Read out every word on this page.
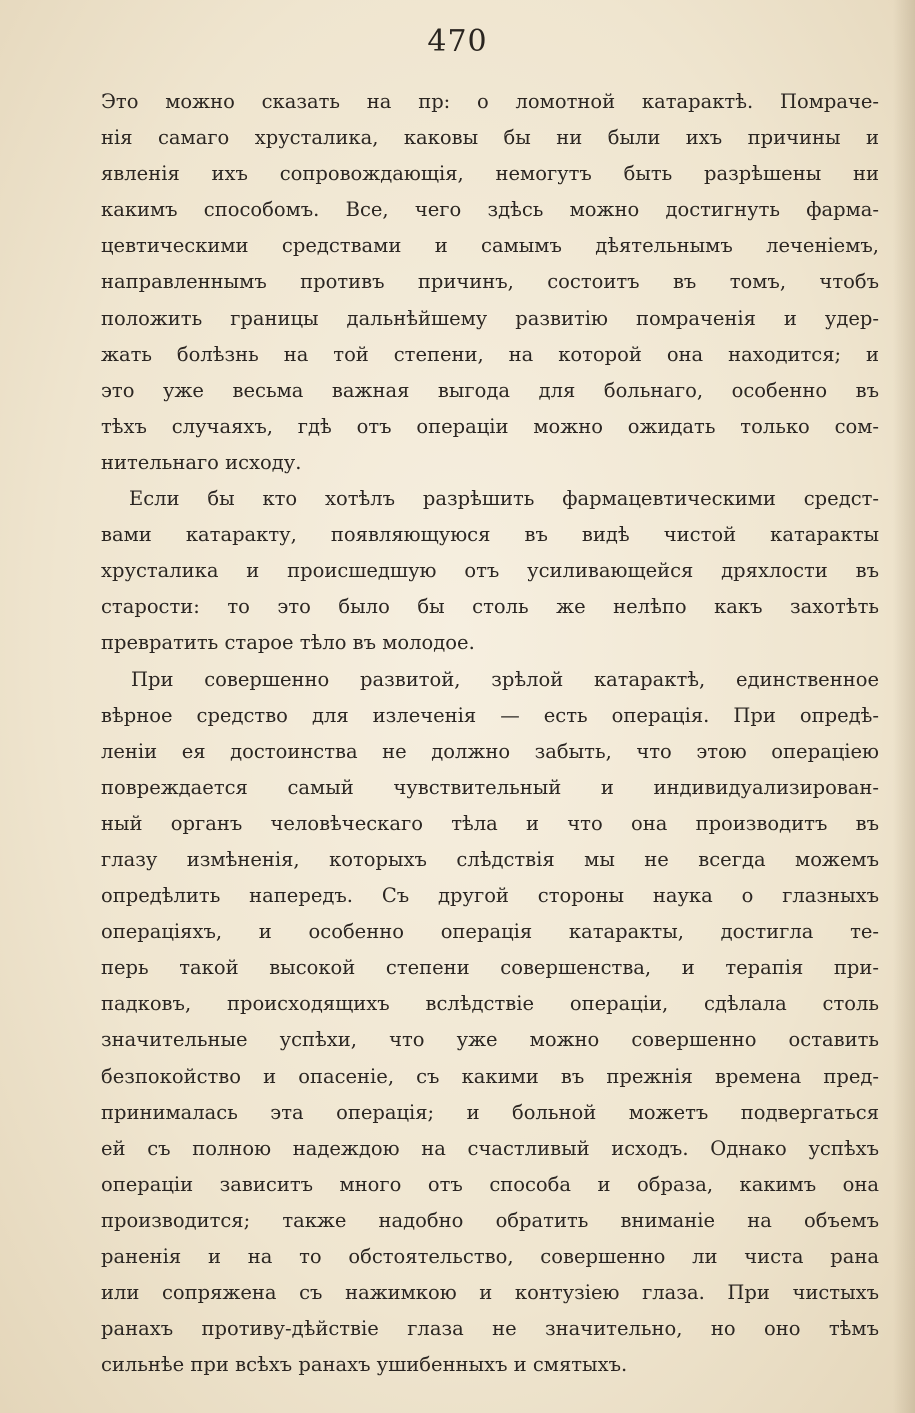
470
Это можно сказать на пр: о ломотной катарактѣ. Помраче-
нія самаго хрусталика, каковы бы ни были ихъ причины и
явленія ихъ сопровождающія, немогутъ быть разрѣшены ни
какимъ способомъ. Все, чего здѣсь можно достигнуть фарма-
цевтическими средствами и самымъ дѣятельнымъ леченіемъ,
направленнымъ противъ причинъ, состоитъ въ томъ, чтобъ
положить границы дальнѣйшему развитію помраченія и удер-
жать болѣзнь на той степени, на которой она находится; и
это уже весьма важная выгода для больнаго, особенно въ
тѣхъ случаяхъ, гдѣ отъ операціи можно ожидать только сом-
нительнаго исходу.
Если бы кто хотѣлъ разрѣшить фармацевтическими средст-
вами катаракту, появляющуюся въ видѣ чистой катаракты
хрусталика и происшедшую отъ усиливающейся дряхлости въ
старости: то это было бы столь же нелѣпо какъ захотѣть
превратить старое тѣло въ молодое.
При совершенно развитой, зрѣлой катарактѣ, единственное
вѣрное средство для излеченія — есть операція. При опредѣ-
леніи ея достоинства не должно забыть, что этою операціею
повреждается самый чувствительный и индивидуализирован-
ный органъ человѣческаго тѣла и что она производитъ въ
глазу измѣненія, которыхъ слѣдствія мы не всегда можемъ
опредѣлить напередъ. Съ другой стороны наука о глазныхъ
операціяхъ, и особенно операція катаракты, достигла те-
перь такой высокой степени совершенства, и терапія при-
падковъ, происходящихъ вслѣдствіе операціи, сдѣлала столь
значительные успѣхи, что уже можно совершенно оставить
безпокойство и опасеніе, съ какими въ прежнія времена пред-
принималась эта операція; и больной можетъ подвергаться
ей съ полною надеждою на счастливый исходъ. Однако успѣхъ
операціи зависитъ много отъ способа и образа, какимъ она
производится; также надобно обратить вниманіе на объемъ
раненія и на то обстоятельство, совершенно ли чиста рана
или сопряжена съ нажимкою и контузіею глаза. При чистыхъ
ранахъ противу-дѣйствіе глаза не значительно, но оно тѣмъ
сильнѣе при всѣхъ ранахъ ушибенныхъ и смятыхъ.
